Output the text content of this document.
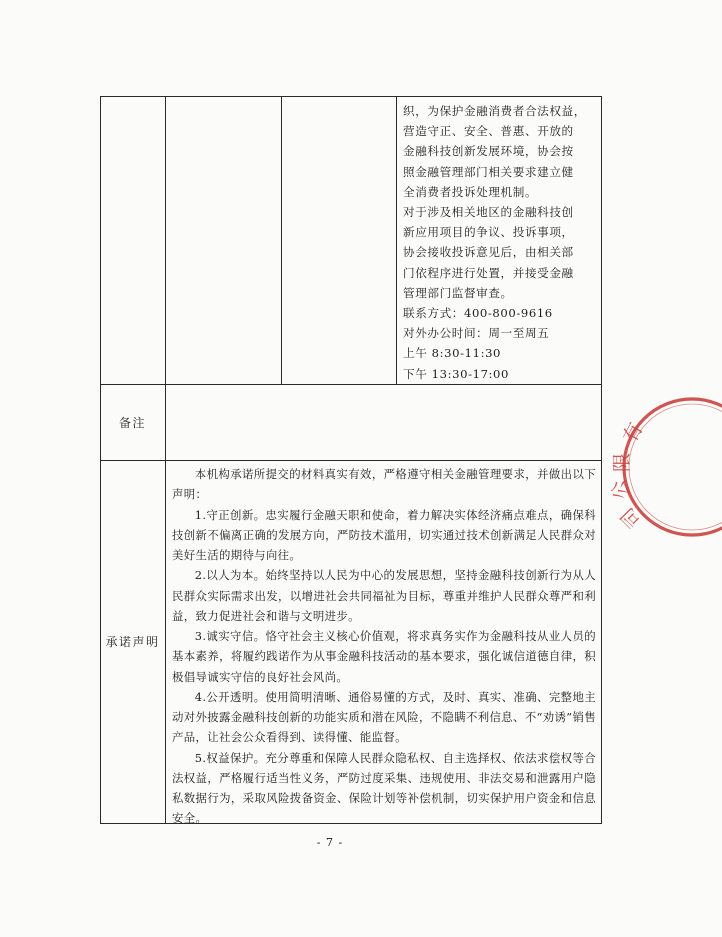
织，为保护金融消费者合法权益，

营造守正、安全、普惠、开放的

金融科技创新发展环境，协会按

照金融管理部门相关要求建立健

全消费者投诉处理机制。

对于涉及相关地区的金融科技创

新应用项目的争议、投诉事项，

协会接收投诉意见后，由相关部

门依程序进行处置，并接受金融

管理部门监督审查。

联系方式：400-800-9616

对外办公时间：周一至周五

上午 8:30-11:30

下午 13:30-17:00

备注
承诺声明

本机构承诺所提交的材料真实有效，严格遵守相关金融管理要求，并做出以下声明：

1.守正创新。忠实履行金融天职和使命，着力解决实体经济痛点难点，确保科技创新不偏离正确的发展方向，严防技术滥用，切实通过技术创新满足人民群众对美好生活的期待与向往。

2.以人为本。始终坚持以人民为中心的发展思想，坚持金融科技创新行为从人民群众实际需求出发，以增进社会共同福祉为目标，尊重并维护人民群众尊严和利益，致力促进社会和谐与文明进步。

3.诚实守信。恪守社会主义核心价值观，将求真务实作为金融科技从业人员的基本素养，将履约践诺作为从事金融科技活动的基本要求，强化诚信道德自律，积极倡导诚实守信的良好社会风尚。

4.公开透明。使用简明清晰、通俗易懂的方式，及时、真实、准确、完整地主动对外披露金融科技创新的功能实质和潜在风险，不隐瞒不利信息、不“劝诱”销售产品，让社会公众看得到、读得懂、能监督。

5.权益保护。充分尊重和保障人民群众隐私权、自主选择权、依法求偿权等合法权益，严格履行适当性义务，严防过度采集、违规使用、非法交易和泄露用户隐私数据行为，采取风险拨备资金、保险计划等补偿机制，切实保护用户资金和信息安全。

- 7 -
有
限
公
司
